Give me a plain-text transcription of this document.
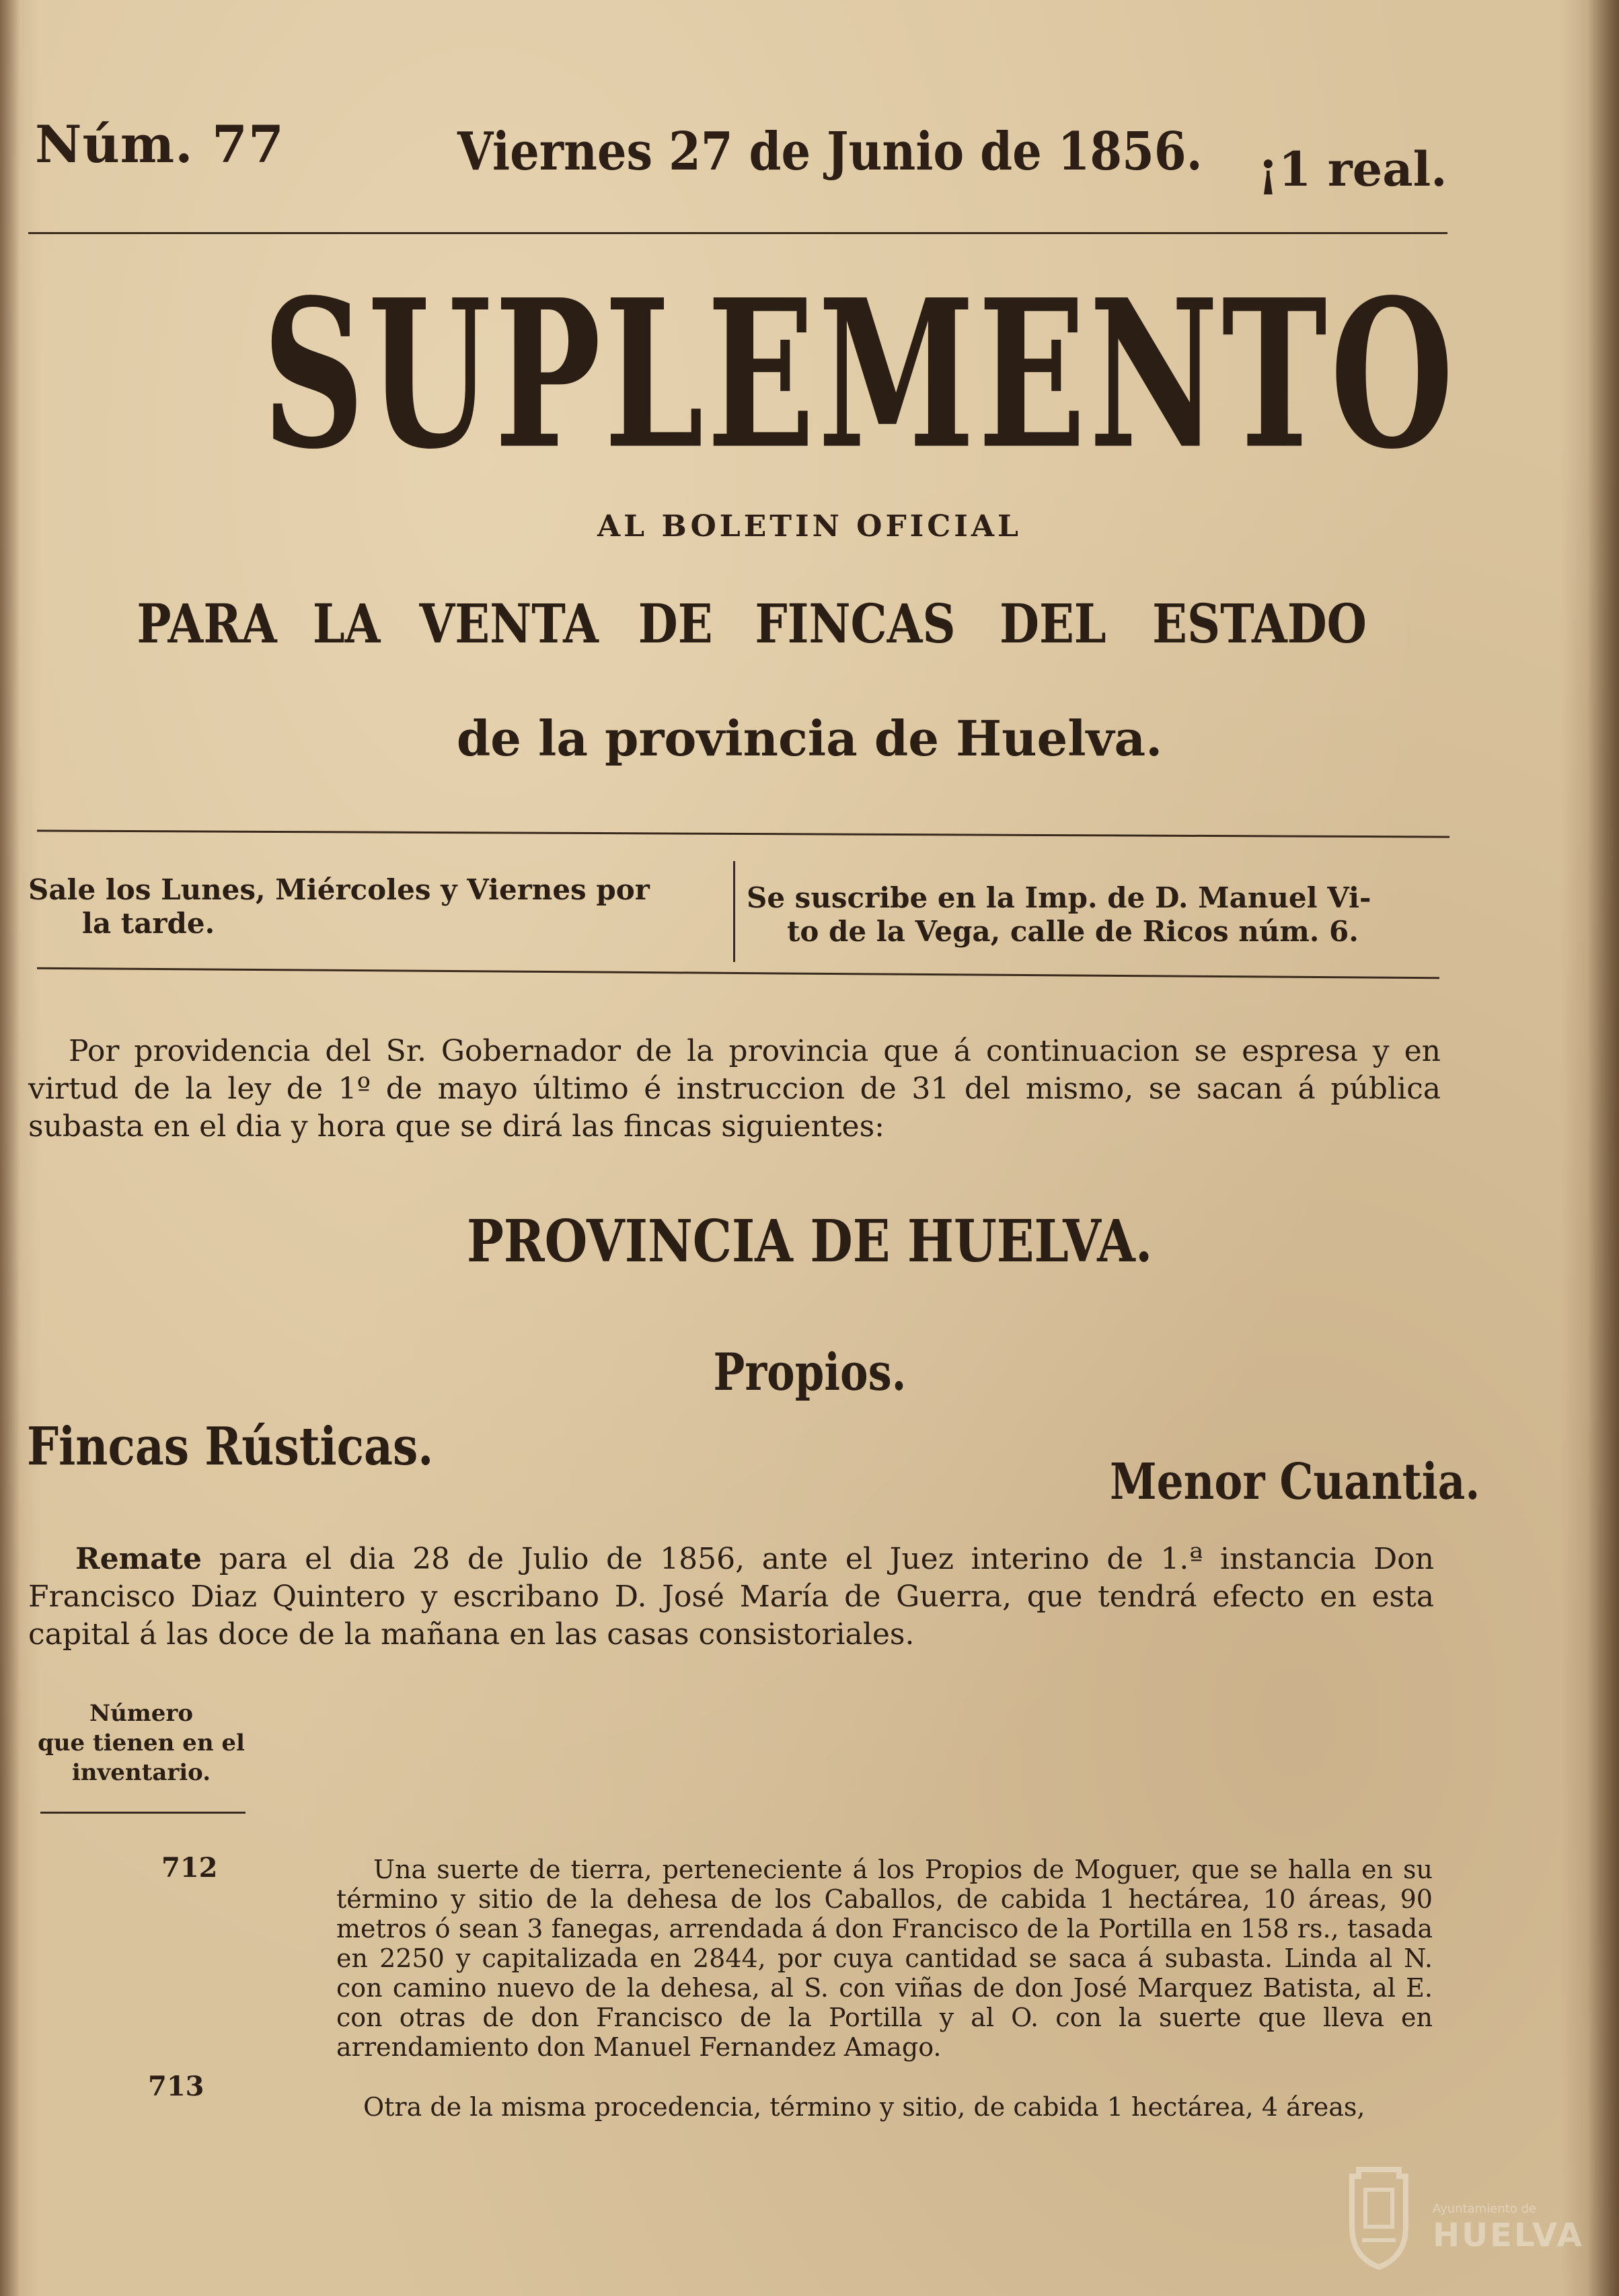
Núm. 77	Viernes 27 de Junio de 1856. ¡1 real.
SUPLEMENTO
AL BOLETIN OFICIAL
PARA LA VENTA DE FINCAS DEL ESTADO
de la provincia de Huelva.
Sale los Lunes, Miércoles y Viernes por
la tarde.
Se suscribe en la Imp. de D. Manuel Vi-
to de la Vega, calle de Ricos núm. 6.
Por providencia del Sr. Gobernador de la provincia que á continuacion se espresa y en virtud de la ley de 1º de mayo último é instruccion de 31 del mismo, se sacan á pública subasta en el dia y hora que se dirá las fincas siguientes:
PROVINCIA DE HUELVA.
Propios.
Fincas Rústicas.
Menor Cuantia.
Remate para el dia 28 de Julio de 1856, ante el Juez interino de 1.ª instancia Don Francisco Diaz Quintero y escribano D. José María de Guerra, que tendrá efecto en esta capital á las doce de la mañana en las casas consistoriales.
Número
que tienen en el
inventario.
712	Una suerte de tierra, perteneciente á los Propios de Moguer, que se halla en su término y sitio de la dehesa de los Caballos, de cabida 1 hectárea, 10 áreas, 90 metros ó sean 3 fanegas, arrendada á don Francisco de la Portilla en 158 rs., tasada en 2250 y capitalizada en 2844, por cuya cantidad se saca á subasta. Linda al N. con camino nuevo de la dehesa, al S. con viñas de don José Marquez Batista, al E. con otras de don Francisco de la Portilla y al O. con la suerte que lleva en arrendamiento don Manuel Fernandez Amago.
713
Otra de la misma procedencia, término y sitio, de cabida 1 hectárea, 4 áreas,
Ayuntamiento de
HUELVA
